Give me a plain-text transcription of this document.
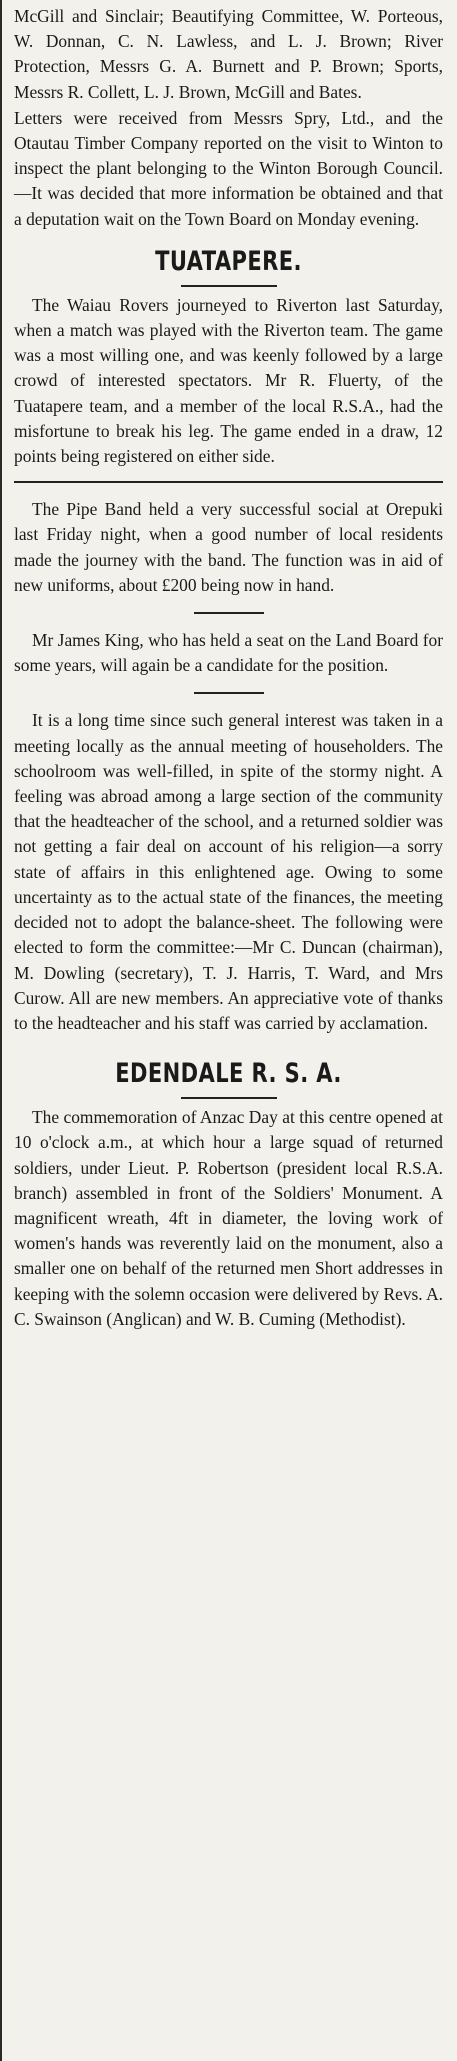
McGill and Sinclair; Beautifying Committee, W. Porteous, W. Donnan, C. N. Lawless, and L. J. Brown; River Protection, Messrs G. A. Burnett and P. Brown; Sports, Messrs R. Collett, L. J. Brown, McGill and Bates.

Letters were received from Messrs Spry, Ltd., and the Otautau Timber Company reported on the visit to Winton to inspect the plant belonging to the Winton Borough Council.—It was decided that more information be obtained and that a deputation wait on the Town Board on Monday evening.

TUATAPERE.

The Waiau Rovers journeyed to Riverton last Saturday, when a match was played with the Riverton team. The game was a most willing one, and was keenly followed by a large crowd of interested spectators. Mr R. Fluerty, of the Tuatapere team, and a member of the local R.S.A., had the misfortune to break his leg. The game ended in a draw, 12 points being registered on either side.

The Pipe Band held a very successful social at Orepuki last Friday night, when a good number of local residents made the journey with the band. The function was in aid of new uniforms, about £200 being now in hand.

Mr James King, who has held a seat on the Land Board for some years, will again be a candidate for the position.

It is a long time since such general interest was taken in a meeting locally as the annual meeting of householders. The schoolroom was well-filled, in spite of the stormy night. A feeling was abroad among a large section of the community that the headteacher of the school, and a returned soldier was not getting a fair deal on account of his religion—a sorry state of affairs in this enlightened age. Owing to some uncertainty as to the actual state of the finances, the meeting decided not to adopt the balance-sheet. The following were elected to form the committee:—Mr C. Duncan (chairman), M. Dowling (secretary), T. J. Harris, T. Ward, and Mrs Curow. All are new members. An appreciative vote of thanks to the headteacher and his staff was carried by acclamation.

EDENDALE R. S. A.

The commemoration of Anzac Day at this centre opened at 10 o'clock a.m., at which hour a large squad of returned soldiers, under Lieut. P. Robertson (president local R.S.A. branch) assembled in front of the Soldiers' Monument. A magnificent wreath, 4ft in diameter, the loving work of women's hands was reverently laid on the monument, also a smaller one on behalf of the returned men Short addresses in keeping with the solemn occasion were delivered by Revs. A. C. Swainson (Anglican) and W. B. Cuming (Methodist).
